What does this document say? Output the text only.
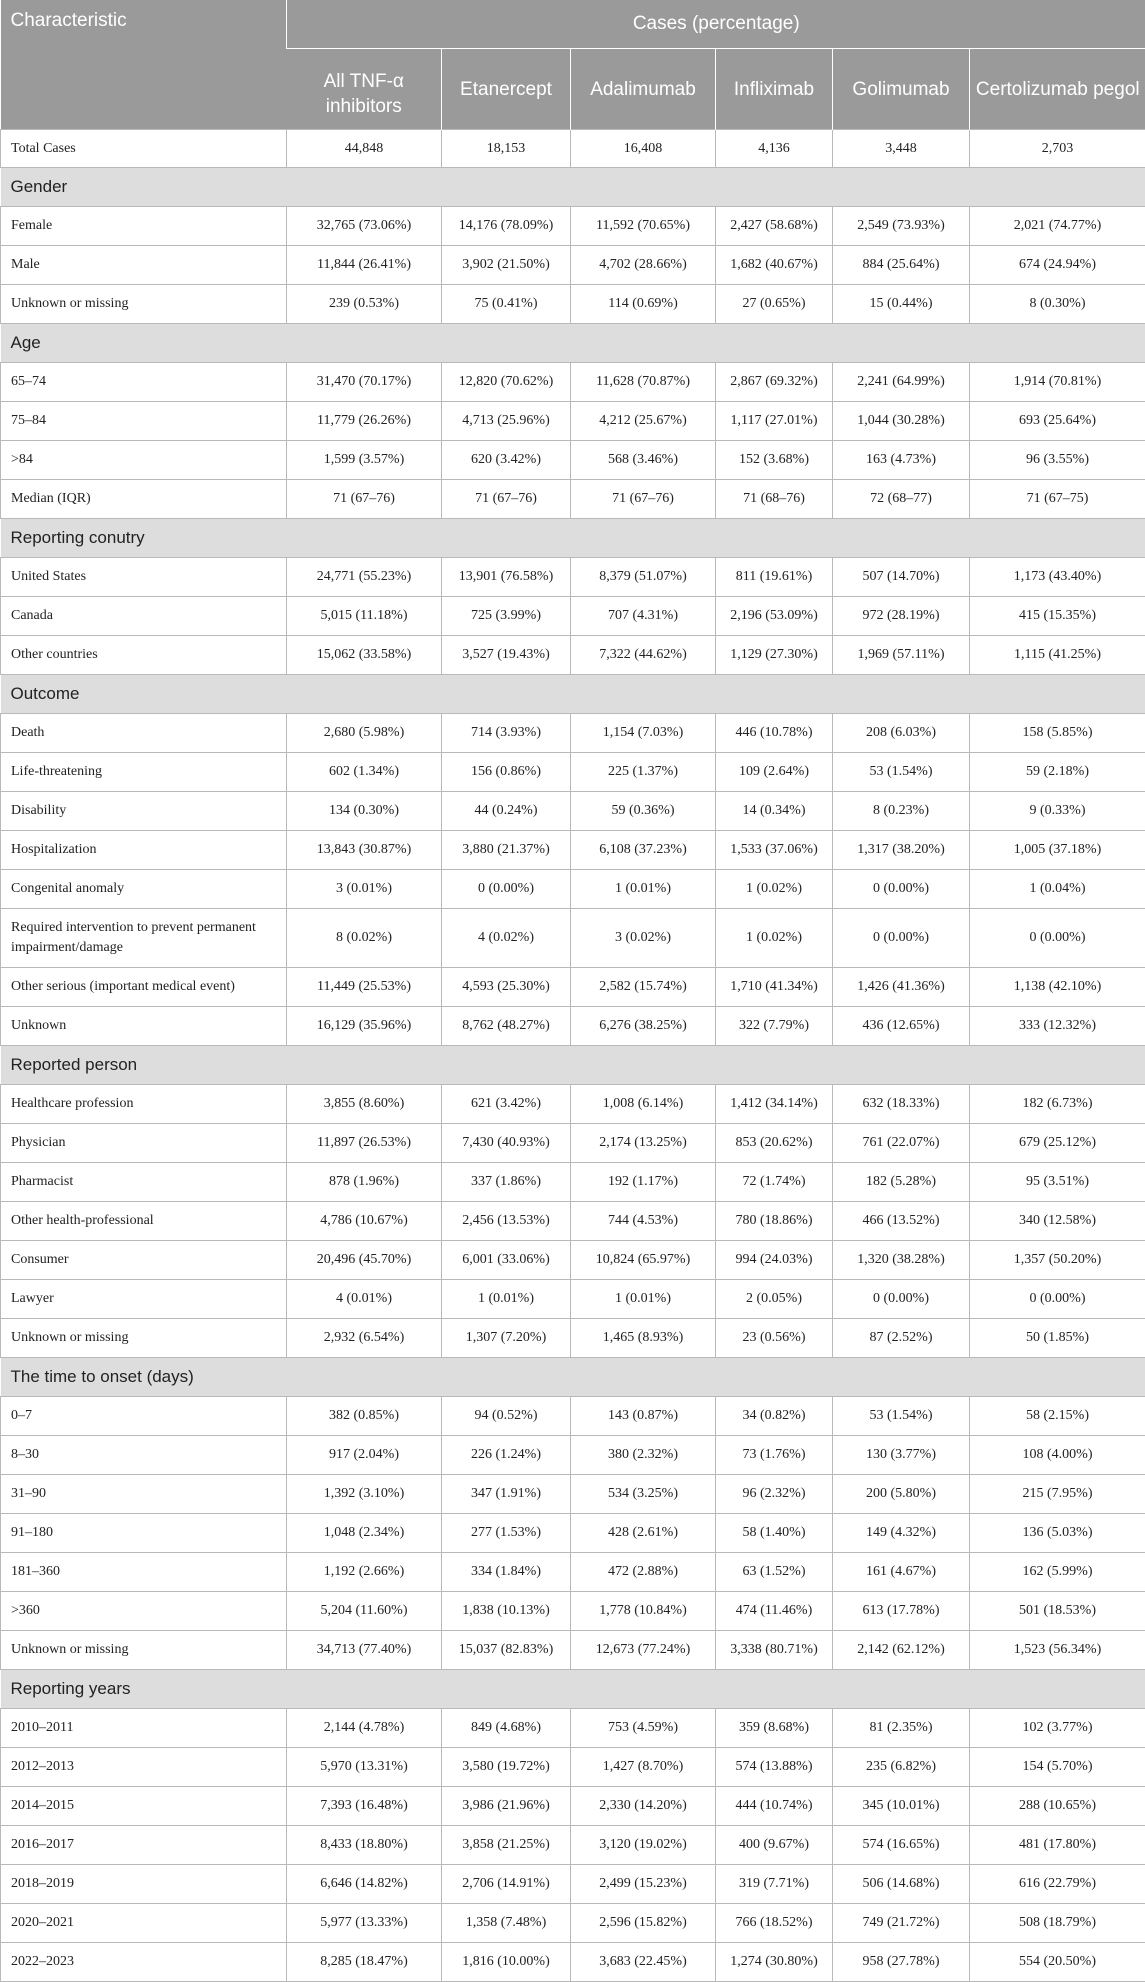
Characteristic	Cases (percentage)					
	All TNF-α inhibitors	Etanercept	Adalimumab	Infliximab	Golimumab	Certolizumab pegol
Total Cases	44,848	18,153	16,408	4,136	3,448	2,703
Gender						
Female	32,765 (73.06%)	14,176 (78.09%)	11,592 (70.65%)	2,427 (58.68%)	2,549 (73.93%)	2,021 (74.77%)
Male	11,844 (26.41%)	3,902 (21.50%)	4,702 (28.66%)	1,682 (40.67%)	884 (25.64%)	674 (24.94%)
Unknown or missing	239 (0.53%)	75 (0.41%)	114 (0.69%)	27 (0.65%)	15 (0.44%)	8 (0.30%)
Age						
65–74	31,470 (70.17%)	12,820 (70.62%)	11,628 (70.87%)	2,867 (69.32%)	2,241 (64.99%)	1,914 (70.81%)
75–84	11,779 (26.26%)	4,713 (25.96%)	4,212 (25.67%)	1,117 (27.01%)	1,044 (30.28%)	693 (25.64%)
>84	1,599 (3.57%)	620 (3.42%)	568 (3.46%)	152 (3.68%)	163 (4.73%)	96 (3.55%)
Median (IQR)	71 (67–76)	71 (67–76)	71 (67–76)	71 (68–76)	72 (68–77)	71 (67–75)
Reporting conutry						
United States	24,771 (55.23%)	13,901 (76.58%)	8,379 (51.07%)	811 (19.61%)	507 (14.70%)	1,173 (43.40%)
Canada	5,015 (11.18%)	725 (3.99%)	707 (4.31%)	2,196 (53.09%)	972 (28.19%)	415 (15.35%)
Other countries	15,062 (33.58%)	3,527 (19.43%)	7,322 (44.62%)	1,129 (27.30%)	1,969 (57.11%)	1,115 (41.25%)
Outcome						
Death	2,680 (5.98%)	714 (3.93%)	1,154 (7.03%)	446 (10.78%)	208 (6.03%)	158 (5.85%)
Life-threatening	602 (1.34%)	156 (0.86%)	225 (1.37%)	109 (2.64%)	53 (1.54%)	59 (2.18%)
Disability	134 (0.30%)	44 (0.24%)	59 (0.36%)	14 (0.34%)	8 (0.23%)	9 (0.33%)
Hospitalization	13,843 (30.87%)	3,880 (21.37%)	6,108 (37.23%)	1,533 (37.06%)	1,317 (38.20%)	1,005 (37.18%)
Congenital anomaly	3 (0.01%)	0 (0.00%)	1 (0.01%)	1 (0.02%)	0 (0.00%)	1 (0.04%)
Required intervention to prevent permanent impairment/damage	8 (0.02%)	4 (0.02%)	3 (0.02%)	1 (0.02%)	0 (0.00%)	0 (0.00%)
Other serious (important medical event)	11,449 (25.53%)	4,593 (25.30%)	2,582 (15.74%)	1,710 (41.34%)	1,426 (41.36%)	1,138 (42.10%)
Unknown	16,129 (35.96%)	8,762 (48.27%)	6,276 (38.25%)	322 (7.79%)	436 (12.65%)	333 (12.32%)
Reported person						
Healthcare profession	3,855 (8.60%)	621 (3.42%)	1,008 (6.14%)	1,412 (34.14%)	632 (18.33%)	182 (6.73%)
Physician	11,897 (26.53%)	7,430 (40.93%)	2,174 (13.25%)	853 (20.62%)	761 (22.07%)	679 (25.12%)
Pharmacist	878 (1.96%)	337 (1.86%)	192 (1.17%)	72 (1.74%)	182 (5.28%)	95 (3.51%)
Other health-professional	4,786 (10.67%)	2,456 (13.53%)	744 (4.53%)	780 (18.86%)	466 (13.52%)	340 (12.58%)
Consumer	20,496 (45.70%)	6,001 (33.06%)	10,824 (65.97%)	994 (24.03%)	1,320 (38.28%)	1,357 (50.20%)
Lawyer	4 (0.01%)	1 (0.01%)	1 (0.01%)	2 (0.05%)	0 (0.00%)	0 (0.00%)
Unknown or missing	2,932 (6.54%)	1,307 (7.20%)	1,465 (8.93%)	23 (0.56%)	87 (2.52%)	50 (1.85%)
The time to onset (days)						
0–7	382 (0.85%)	94 (0.52%)	143 (0.87%)	34 (0.82%)	53 (1.54%)	58 (2.15%)
8–30	917 (2.04%)	226 (1.24%)	380 (2.32%)	73 (1.76%)	130 (3.77%)	108 (4.00%)
31–90	1,392 (3.10%)	347 (1.91%)	534 (3.25%)	96 (2.32%)	200 (5.80%)	215 (7.95%)
91–180	1,048 (2.34%)	277 (1.53%)	428 (2.61%)	58 (1.40%)	149 (4.32%)	136 (5.03%)
181–360	1,192 (2.66%)	334 (1.84%)	472 (2.88%)	63 (1.52%)	161 (4.67%)	162 (5.99%)
>360	5,204 (11.60%)	1,838 (10.13%)	1,778 (10.84%)	474 (11.46%)	613 (17.78%)	501 (18.53%)
Unknown or missing	34,713 (77.40%)	15,037 (82.83%)	12,673 (77.24%)	3,338 (80.71%)	2,142 (62.12%)	1,523 (56.34%)
Reporting years						
2010–2011	2,144 (4.78%)	849 (4.68%)	753 (4.59%)	359 (8.68%)	81 (2.35%)	102 (3.77%)
2012–2013	5,970 (13.31%)	3,580 (19.72%)	1,427 (8.70%)	574 (13.88%)	235 (6.82%)	154 (5.70%)
2014–2015	7,393 (16.48%)	3,986 (21.96%)	2,330 (14.20%)	444 (10.74%)	345 (10.01%)	288 (10.65%)
2016–2017	8,433 (18.80%)	3,858 (21.25%)	3,120 (19.02%)	400 (9.67%)	574 (16.65%)	481 (17.80%)
2018–2019	6,646 (14.82%)	2,706 (14.91%)	2,499 (15.23%)	319 (7.71%)	506 (14.68%)	616 (22.79%)
2020–2021	5,977 (13.33%)	1,358 (7.48%)	2,596 (15.82%)	766 (18.52%)	749 (21.72%)	508 (18.79%)
2022–2023	8,285 (18.47%)	1,816 (10.00%)	3,683 (22.45%)	1,274 (30.80%)	958 (27.78%)	554 (20.50%)
